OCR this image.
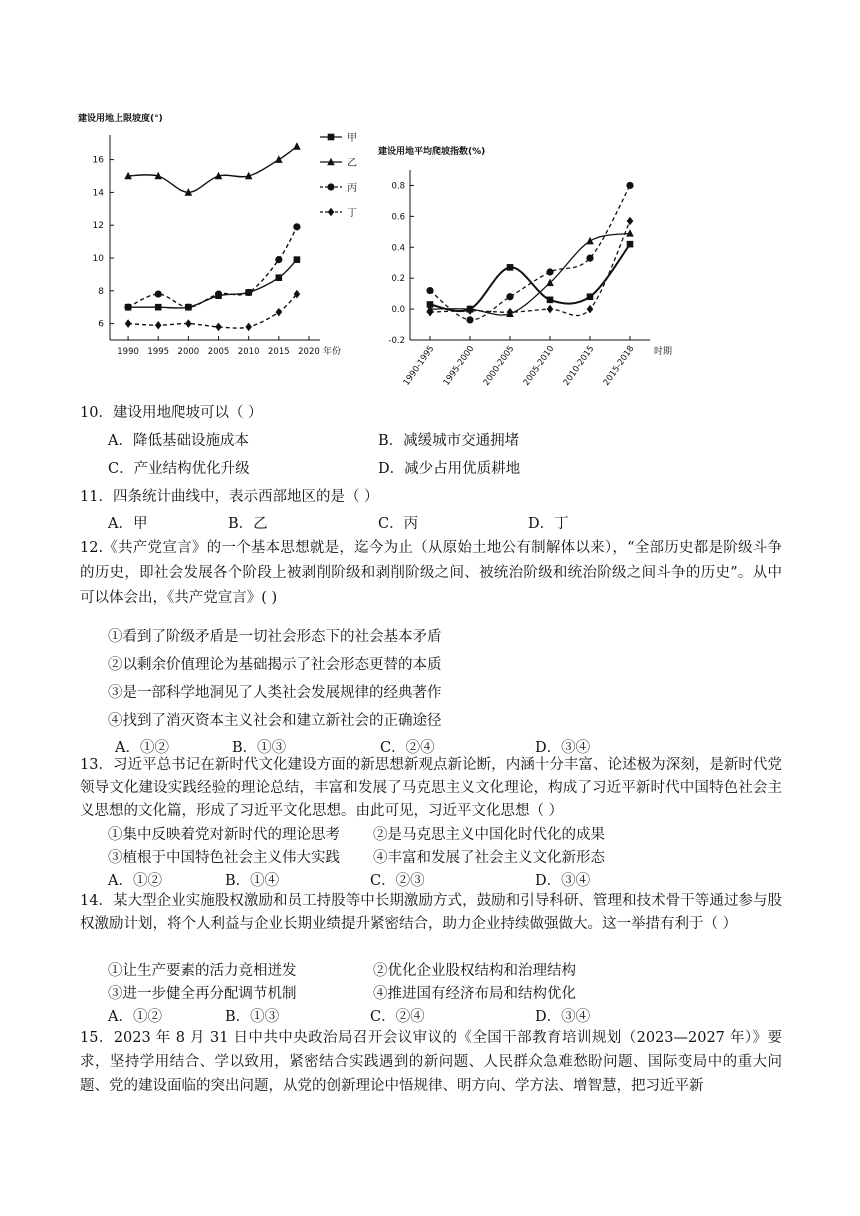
建设用地上限坡度(°)
6
8
10
12
14
16
1990 1995 2000 2005 2010 2015 2020 年份
甲
乙
丙
丁
建设用地平均爬坡指数(%)
-0.2
0.0
0.2
0.4
0.6
0.8
1990-1995 1995-2000 2000-2005 2005-2010 2010-2015 2015-2018 时期
10．建设用地爬坡可以（ ）
A．降低基础设施成本	B．减缓城市交通拥堵
C．产业结构优化升级	D．减少占用优质耕地
11．四条统计曲线中，表示西部地区的是（ ）
A．甲	B．乙	C．丙	D．丁
12.《共产党宣言》的一个基本思想就是，迄今为止（从原始土地公有制解体以来），“全部历史都是阶级斗争的历史，即社会发展各个阶段上被剥削阶级和剥削阶级之间、被统治阶级和统治阶级之间斗争的历史”。从中可以体会出，《共产党宣言》( )
①看到了阶级矛盾是一切社会形态下的社会基本矛盾
②以剩余价值理论为基础揭示了社会形态更替的本质
③是一部科学地洞见了人类社会发展规律的经典著作
④找到了消灭资本主义社会和建立新社会的正确途径
A．①②	B．①③	C．②④	D．③④
13．习近平总书记在新时代文化建设方面的新思想新观点新论断，内涵十分丰富、论述极为深刻，是新时代党领导文化建设实践经验的理论总结，丰富和发展了马克思主义文化理论，构成了习近平新时代中国特色社会主义思想的文化篇，形成了习近平文化思想。由此可见，习近平文化思想（ ）
①集中反映着党对新时代的理论思考 ②是马克思主义中国化时代化的成果
③植根于中国特色社会主义伟大实践 ④丰富和发展了社会主义文化新形态
A．①②	B．①④	C．②③	D．③④
14．某大型企业实施股权激励和员工持股等中长期激励方式，鼓励和引导科研、管理和技术骨干等通过参与股权激励计划，将个人利益与企业长期业绩提升紧密结合，助力企业持续做强做大。这一举措有利于（ ）
①让生产要素的活力竞相迸发	②优化企业股权结构和治理结构
③进一步健全再分配调节机制	④推进国有经济布局和结构优化
A．①②	B．①③	C．②④	D．③④
15．2023 年 8 月 31 日中共中央政治局召开会议审议的《全国干部教育培训规划（2023—2027 年）》要求，坚持学用结合、学以致用，紧密结合实践遇到的新问题、人民群众急难愁盼问题、国际变局中的重大问题、党的建设面临的突出问题，从党的创新理论中悟规律、明方向、学方法、增智慧，把习近平新
